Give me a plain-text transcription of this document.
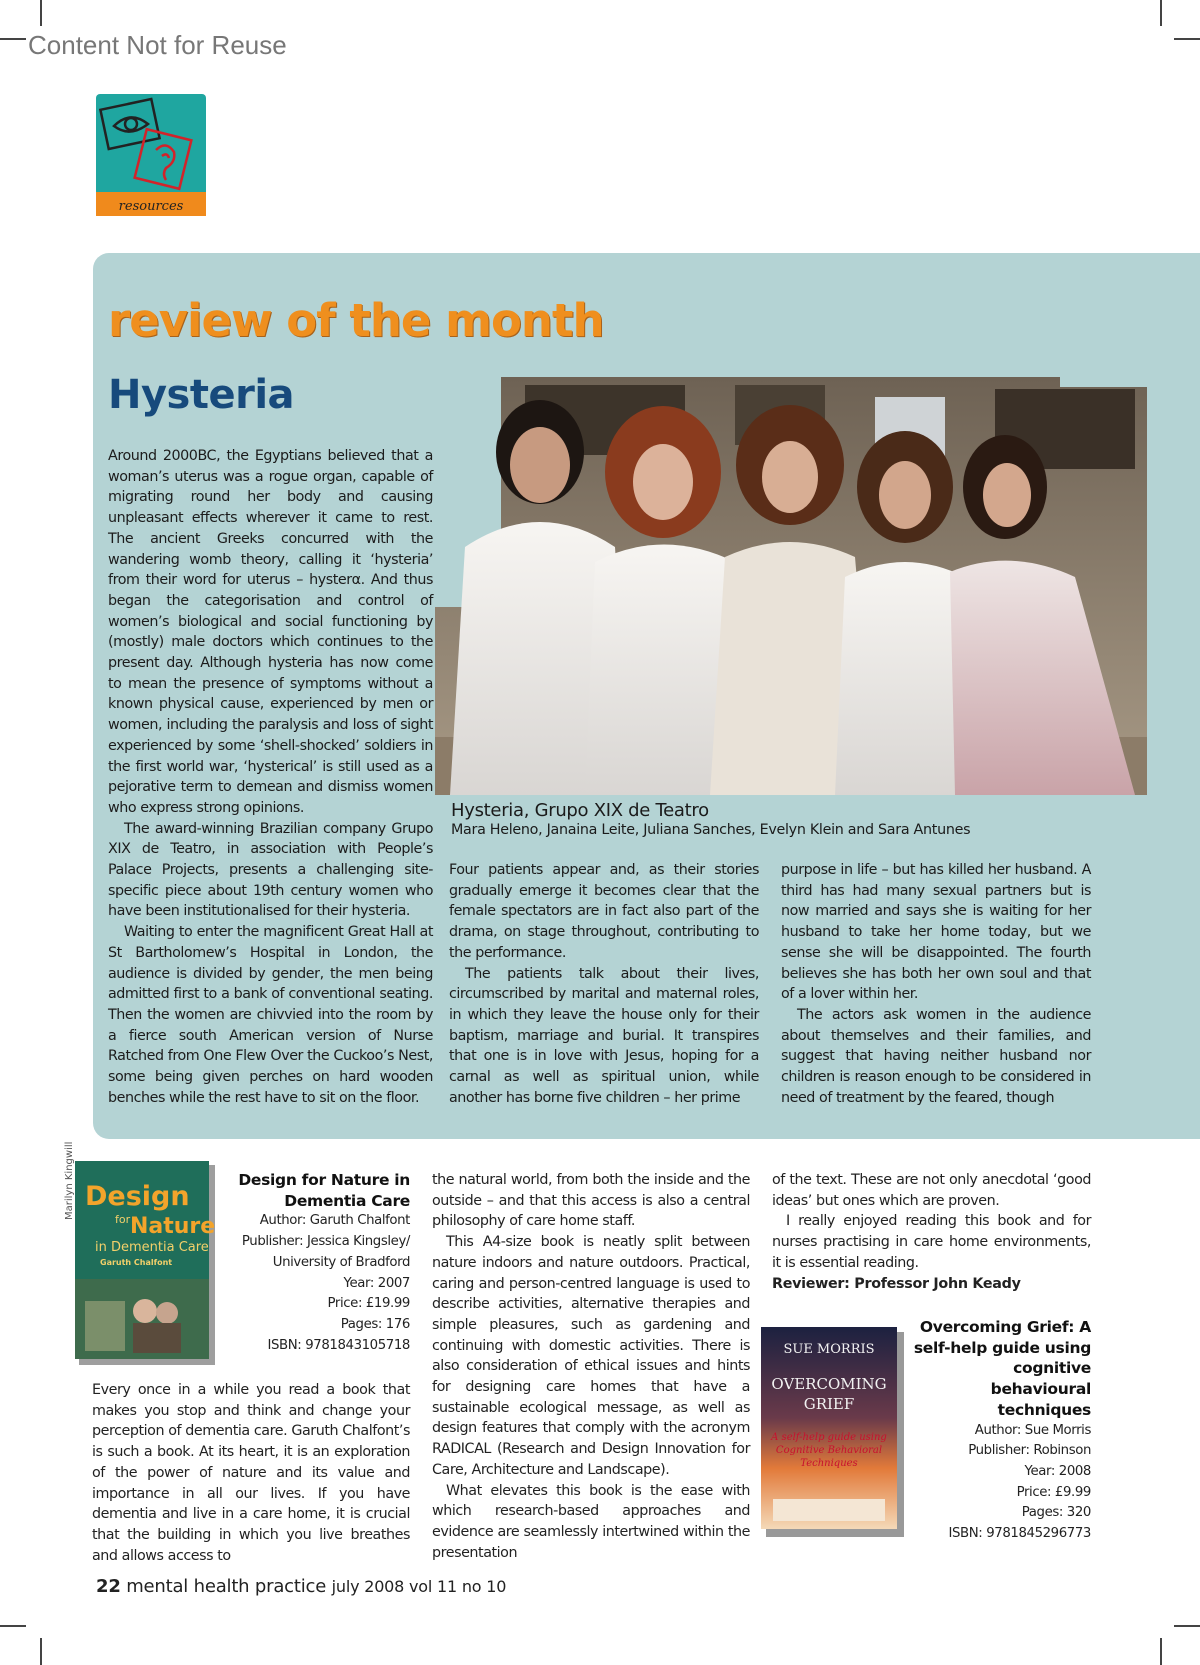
Content Not for Reuse
resources
review of the month
Hysteria
Hysteria, Grupo XIX de Teatro
Mara Heleno, Janaina Leite, Juliana Sanches, Evelyn Klein and Sara Antunes
Marilyn Kingwill

Around 2000BC, the Egyptians believed that a woman’s uterus was a rogue organ, capable of migrating round her body and causing unpleasant effects wherever it came to rest. The ancient Greeks concurred with the wandering womb theory, calling it ‘hysteria’ from their word for uterus – hysterα. And thus began the categorisation and control of women’s biological and social functioning by (mostly) male doctors which continues to the present day. Although hysteria has now come to mean the presence of symptoms without a known physical cause, experienced by men or women, including the paralysis and loss of sight experienced by some ‘shell-shocked’ soldiers in the first world war, ‘hysterical’ is still used as a pejorative term to demean and dismiss women who express strong opinions.

The award-winning Brazilian company Grupo XIX de Teatro, in association with People’s Palace Projects, presents a challenging site-specific piece about 19th century women who have been institutionalised for their hysteria.

Waiting to enter the magnificent Great Hall at St Bartholomew’s Hospital in London, the audience is divided by gender, the men being admitted first to a bank of conventional seating. Then the women are chivvied into the room by a fierce south American version of Nurse Ratched from One Flew Over the Cuckoo’s Nest, some being given perches on hard wooden benches while the rest have to sit on the floor.

Four patients appear and, as their stories gradually emerge it becomes clear that the female spectators are in fact also part of the drama, on stage throughout, contributing to the performance.

The patients talk about their lives, circumscribed by marital and maternal roles, in which they leave the house only for their baptism, marriage and burial. It transpires that one is in love with Jesus, hoping for a carnal as well as spiritual union, while another has borne five children – her prime

purpose in life – but has killed her husband. A third has had many sexual partners but is now married and says she is waiting for her husband to take her home today, but we sense she will be disappointed. The fourth believes she has both her own soul and that of a lover within her.

The actors ask women in the audience about themselves and their families, and suggest that having neither husband nor children is reason enough to be considered in need of treatment by the feared, though

Design
for Nature
in Dementia Care
Garuth Chalfont
Design for Nature in Dementia Care
Author: Garuth Chalfont
Publisher: Jessica Kingsley/ University of Bradford
Year: 2007
Price: £19.99
Pages: 176
ISBN: 9781843105718

Every once in a while you read a book that makes you stop and think and change your perception of dementia care. Garuth Chalfont’s is such a book. At its heart, it is an exploration of the power of nature and its value and importance in all our lives. If you have dementia and live in a care home, it is crucial that the building in which you live breathes and allows access to

the natural world, from both the inside and the outside – and that this access is also a central philosophy of care home staff.

This A4-size book is neatly split between nature indoors and nature outdoors. Practical, caring and person-centred language is used to describe activities, alternative therapies and simple pleasures, such as gardening and continuing with domestic activities. There is also consideration of ethical issues and hints for designing care homes that have a sustainable ecological message, as well as design features that comply with the acronym RADICAL (Research and Design Innovation for Care, Architecture and Landscape).

What elevates this book is the ease with which research-based approaches and evidence are seamlessly intertwined within the presentation

of the text. These are not only anecdotal ‘good ideas’ but ones which are proven.

I really enjoyed reading this book and for nurses practising in care home environments, it is essential reading.

Reviewer: Professor John Keady

SUE MORRIS
OVERCOMING
GRIEF
A self-help guide using Cognitive Behavioral Techniques
Overcoming Grief: A self-help guide using cognitive behavioural techniques
Author: Sue Morris
Publisher: Robinson
Year: 2008
Price: £9.99
Pages: 320
ISBN: 9781845296773
22 mental health practice july 2008 vol 11 no 10
